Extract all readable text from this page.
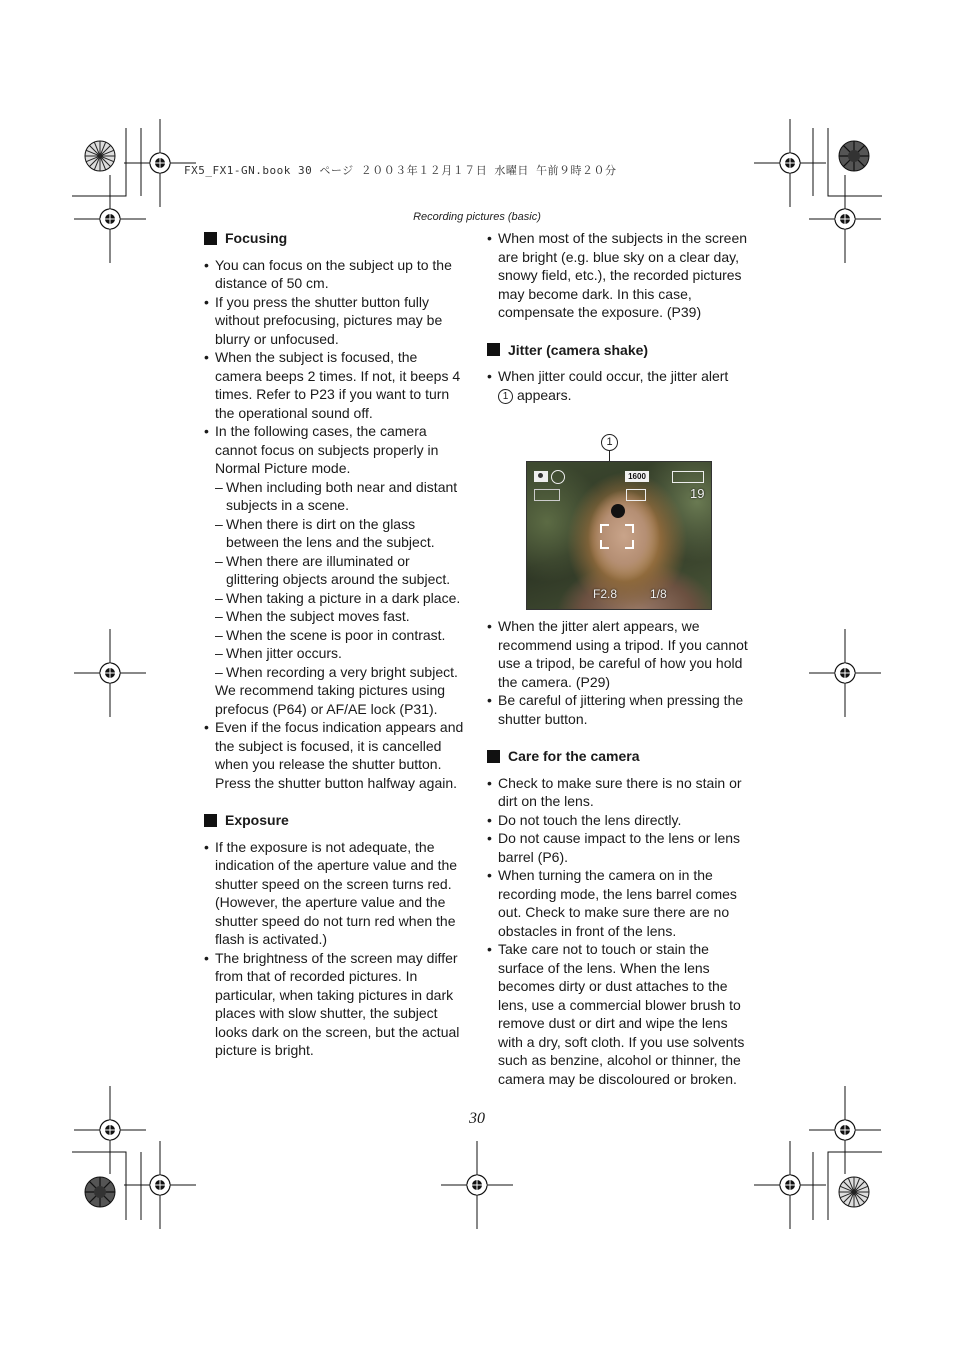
FX5_FX1-GN.book 30 ページ ２００３年１２月１７日 水曜日 午前９時２０分
Recording pictures (basic)
Focusing
• You can focus on the subject up to the distance of 50 cm.
• If you press the shutter button fully without prefocusing, pictures may be blurry or unfocused.
• When the subject is focused, the camera beeps 2 times. If not, it beeps 4 times. Refer to P23 if you want to turn the operational sound off.
• In the following cases, the camera cannot focus on subjects properly in Normal Picture mode.
– When including both near and distant subjects in a scene.
– When there is dirt on the glass between the lens and the subject.
– When there are illuminated or glittering objects around the subject.
– When taking a picture in a dark place.
– When the subject moves fast.
– When the scene is poor in contrast.
– When jitter occurs.
– When recording a very bright subject.
We recommend taking pictures using prefocus (P64) or AF/AE lock (P31).
• Even if the focus indication appears and the subject is focused, it is cancelled when you release the shutter button. Press the shutter button halfway again.
Exposure
• If the exposure is not adequate, the indication of the aperture value and the shutter speed on the screen turns red. (However, the aperture value and the shutter speed do not turn red when the flash is activated.)
• The brightness of the screen may differ from that of recorded pictures. In particular, when taking pictures in dark places with slow shutter, the subject looks dark on the screen, but the actual picture is bright.
• When most of the subjects in the screen are bright (e.g. blue sky on a clear day, snowy field, etc.), the recorded pictures may become dark. In this case, compensate the exposure. (P39)
Jitter (camera shake)
• When jitter could occur, the jitter alert
1 appears.
• When the jitter alert appears, we recommend using a tripod. If you cannot use a tripod, be careful of how you hold the camera. (P29)
• Be careful of jittering when pressing the shutter button.
Care for the camera
• Check to make sure there is no stain or dirt on the lens.
• Do not touch the lens directly.
• Do not cause impact to the lens or lens barrel (P6).
• When turning the camera on in the recording mode, the lens barrel comes out. Check to make sure there are no obstacles in front of the lens.
• Take care not to touch or stain the surface of the lens. When the lens becomes dirty or dust attaches to the lens, use a commercial blower brush to remove dust or dirt and wipe the lens with a dry, soft cloth. If you use solvents such as benzine, alcohol or thinner, the camera may be discoloured or broken.
1
1600
19
F2.8	1/8
30
